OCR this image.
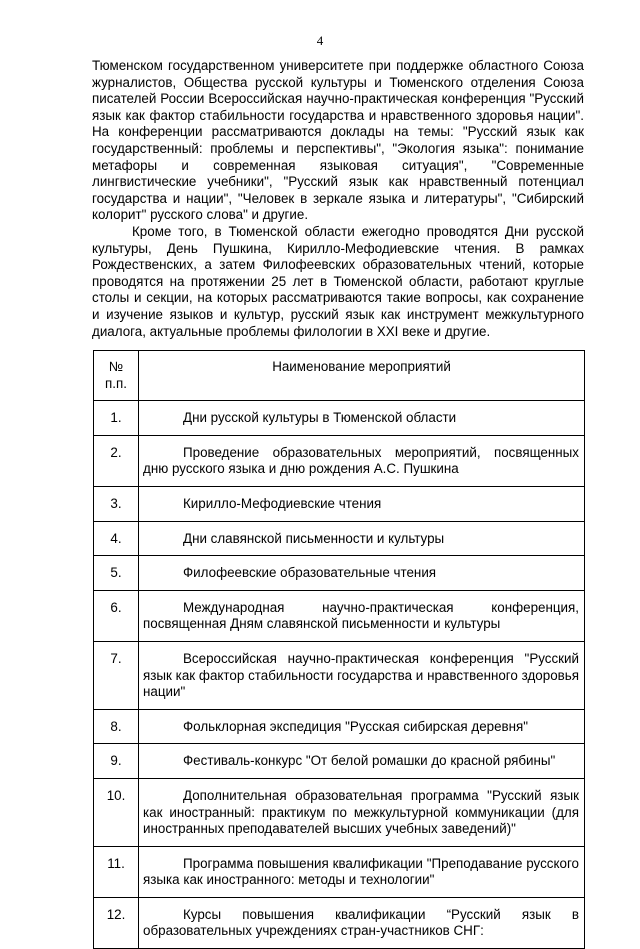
4

Тюменском государственном университете при поддержке областного Союза журналистов, Общества русской культуры и Тюменского отделения Союза писателей России Всероссийская научно-практическая конференция "Русский язык как фактор стабильности государства и нравственного здоровья нации". На конференции рассматриваются доклады на темы: "Русский язык как государственный: проблемы и перспективы", "Экология языка": понимание метафоры и современная языковая ситуация", "Современные лингвистические учебники", "Русский язык как нравственный потенциал государства и нации", "Человек в зеркале языка и литературы", "Сибирский колорит" русского слова" и другие.

Кроме того, в Тюменской области ежегодно проводятся Дни русской культуры, День Пушкина, Кирилло-Мефодиевские чтения. В рамках Рождественских, а затем Филофеевских образовательных чтений, которые проводятся на протяжении 25 лет в Тюменской области, работают круглые столы и секции, на которых рассматриваются такие вопросы, как сохранение и изучение языков и культур, русский язык как инструмент межкультурного диалога, актуальные проблемы филологии в XXI веке и другие.

№ п.п.	Наименование мероприятий
1.	Дни русской культуры в Тюменской области

2.	Проведение образовательных мероприятий, посвященных дню русского языка и дню рождения А.С. Пушкина

3.	Кирилло-Мефодиевские чтения

4.	Дни славянской письменности и культуры

5.	Филофеевские образовательные чтения

6.	Международная научно-практическая конференция, посвященная Дням славянской письменности и культуры

7.	Всероссийская научно-практическая конференция "Русский язык как фактор стабильности государства и нравственного здоровья нации"

8.	Фольклорная экспедиция "Русская сибирская деревня"

9.	Фестиваль-конкурс "От белой ромашки до красной рябины"

10.	Дополнительная образовательная программа "Русский язык как иностранный: практикум по межкультурной коммуникации (для иностранных преподавателей высших учебных заведений)"

11.	Программа повышения квалификации "Преподавание русского языка как иностранного: методы и технологии"

12.	Курсы повышения квалификации “Русский язык в образовательных учреждениях стран-участников СНГ:
